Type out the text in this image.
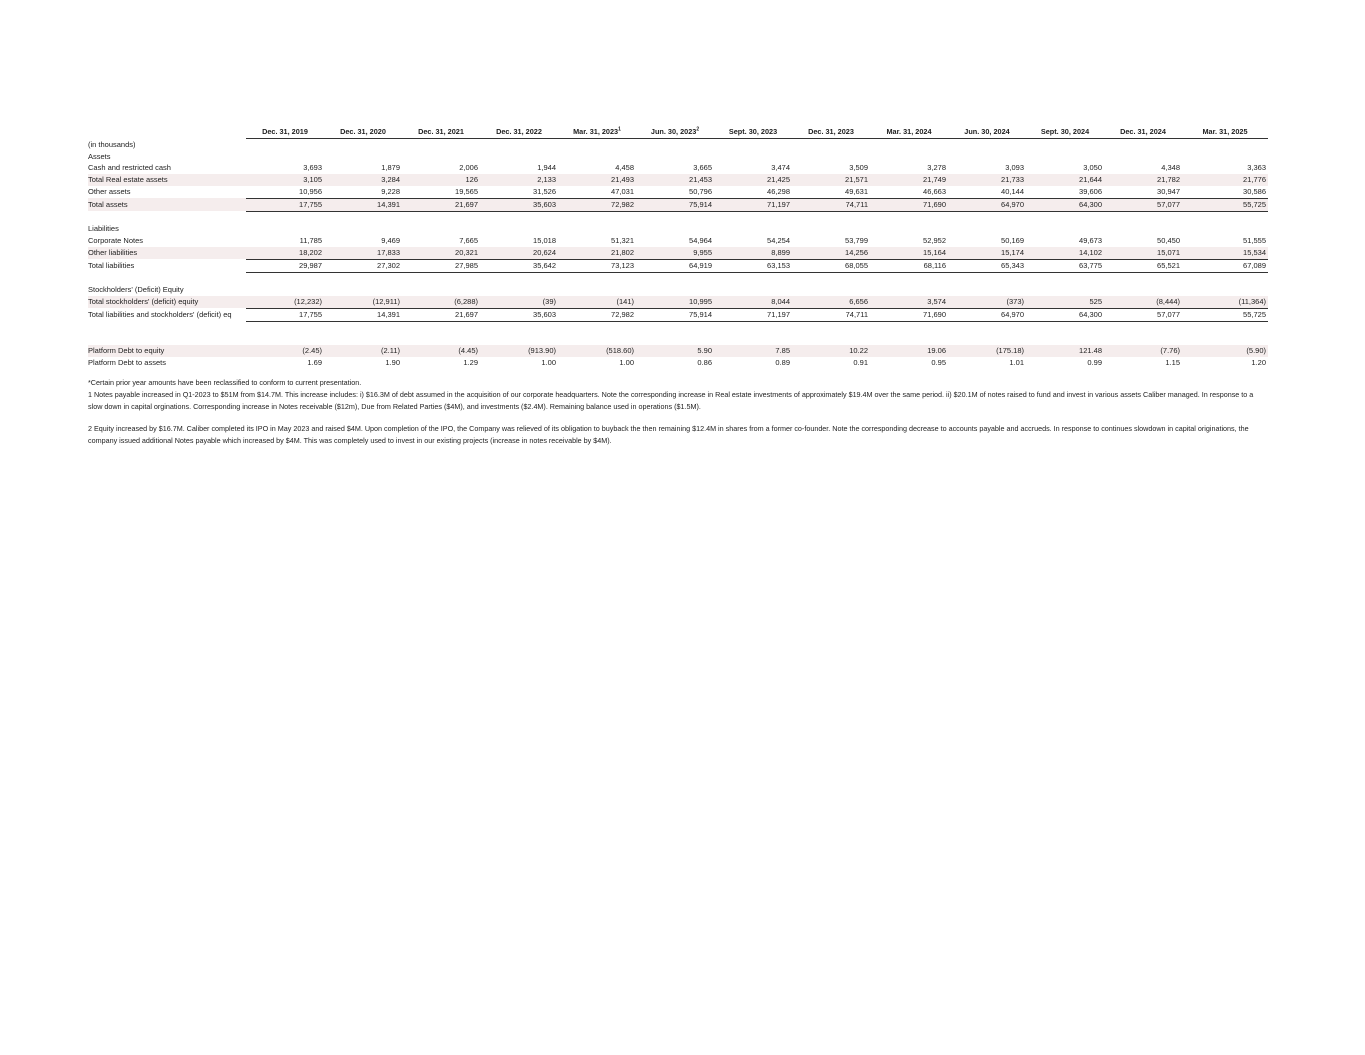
	Dec. 31, 2019	Dec. 31, 2020	Dec. 31, 2021	Dec. 31, 2022	Mar. 31, 2023$^1$	Jun. 30, 2023$^2$	Sept. 30, 2023	Dec. 31, 2023	Mar. 31, 2024	Jun. 30, 2024	Sept. 30, 2024	Dec. 31, 2024	Mar. 31, 2025
(in thousands)													
Assets													
Cash and restricted cash	3,693	1,879	2,006	1,944	4,458	3,665	3,474	3,509	3,278	3,093	3,050	4,348	3,363
Total Real estate assets	3,105	3,284	126	2,133	21,493	21,453	21,425	21,571	21,749	21,733	21,644	21,782	21,776
Other assets	10,956	9,228	19,565	31,526	47,031	50,796	46,298	49,631	46,663	40,144	39,606	30,947	30,586
Total assets	17,755	14,391	21,697	35,603	72,982	75,914	71,197	74,711	71,690	64,970	64,300	57,077	55,725

Liabilities													
Corporate Notes	11,785	9,469	7,665	15,018	51,321	54,964	54,254	53,799	52,952	50,169	49,673	50,450	51,555
Other liabilities	18,202	17,833	20,321	20,624	21,802	9,955	8,899	14,256	15,164	15,174	14,102	15,071	15,534
Total liabilities	29,987	27,302	27,985	35,642	73,123	64,919	63,153	68,055	68,116	65,343	63,775	65,521	67,089

Stockholders' (Deficit) Equity													
Total stockholders' (deficit) equity	(12,232)	(12,911)	(6,288)	(39)	(141)	10,995	8,044	6,656	3,574	(373)	525	(8,444)	(11,364)
Total liabilities and stockholders' (deficit) eq	17,755	14,391	21,697	35,603	72,982	75,914	71,197	74,711	71,690	64,970	64,300	57,077	55,725

Platform Debt to equity	(2.45)	(2.11)	(4.45)	(913.90)	(518.60)	5.90	7.85	10.22	19.06	(175.18)	121.48	(7.76)	(5.90)
Platform Debt to assets	1.69	1.90	1.29	1.00	1.00	0.86	0.89	0.91	0.95	1.01	0.99	1.15	1.20

*Certain prior year amounts have been reclassified to conform to current presentation.

1 Notes payable increased in Q1-2023 to $51M from $14.7M. This increase includes: i) $16.3M of debt assumed in the acquisition of our corporate headquarters. Note the corresponding increase in Real estate investments of approximately $19.4M over the same period. ii) $20.1M of notes raised to fund and invest in various assets Caliber managed. In response to a slow down in capital orginations. Corresponding increase in Notes receivable ($12m), Due from Related Parties ($4M), and investments ($2.4M). Remaining balance used in operations ($1.5M).

2 Equity increased by $16.7M. Caliber completed its IPO in May 2023 and raised $4M. Upon completion of the IPO, the Company was relieved of its obligation to buyback the then remaining $12.4M in shares from a former co-founder. Note the corresponding decrease to accounts payable and accrueds. In response to continues slowdown in capital originations, the company issued additional Notes payable which increased by $4M. This was completely used to invest in our existing projects (increase in notes receivable by $4M).
